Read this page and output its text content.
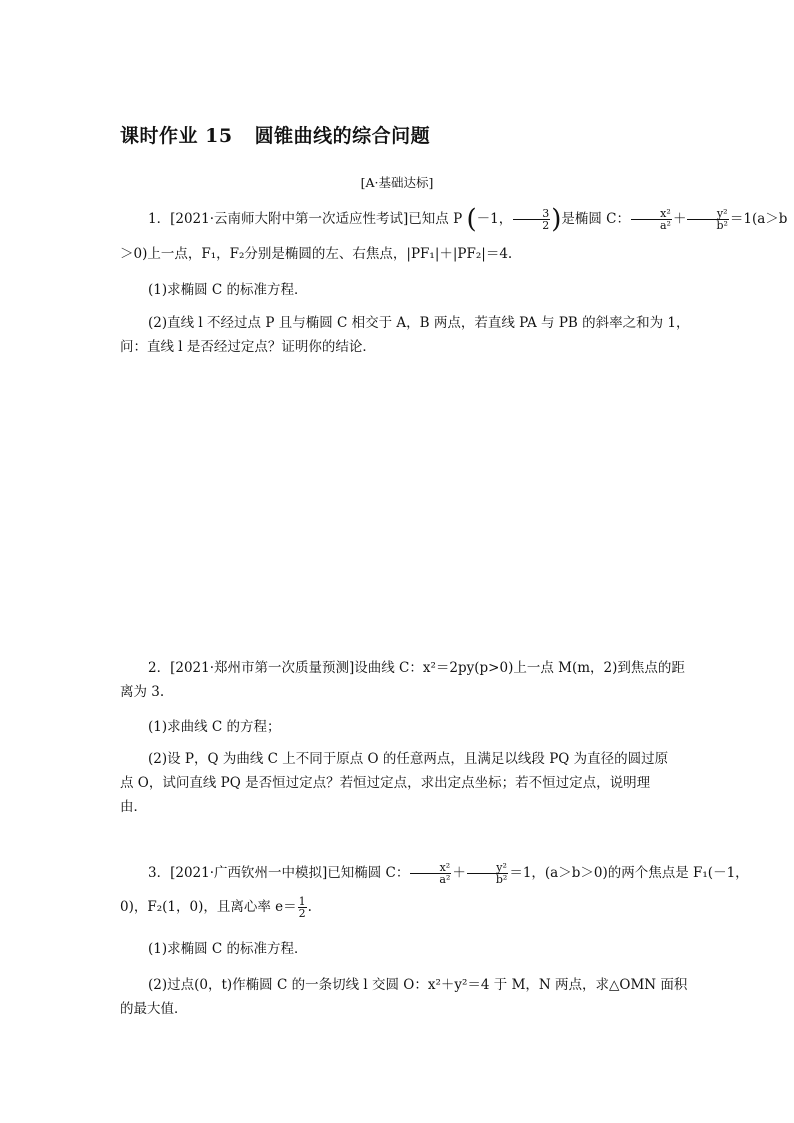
课时作业 15 圆锥曲线的综合问题
[A·基础达标]
1．[2021·云南师大附中第一次适应性考试]已知点 P (－1， $\frac{3}{2}$ )是椭圆 C： $\frac{\text{x²}}{\text{a²}} + \frac{\text{y²}}{\text{b²}} =1(a>b$
＞0)上一点，F₁，F₂分别是椭圆的左、右焦点，|PF₁|＋|PF₂|＝4.
(1)求椭圆 C 的标准方程．
(2)直线 l 不经过点 P 且与椭圆 C 相交于 A，B 两点，若直线 PA 与 PB 的斜率之和为 1，
问：直线 l 是否经过定点？证明你的结论．
2．[2021·郑州市第一次质量预测]设曲线 C：x²＝2py(p>0)上一点 M(m，2)到焦点的距
离为 3.
(1)求曲线 C 的方程；
(2)设 P，Q 为曲线 C 上不同于原点 O 的任意两点，且满足以线段 PQ 为直径的圆过原
点 O，试问直线 PQ 是否恒过定点？若恒过定点，求出定点坐标；若不恒过定点，说明理
由．
3．[2021·广西钦州一中模拟]已知椭圆 C： $\frac{\text{x²}}{\text{a²}} + \frac{\text{y²}}{\text{b²}} =1$，(a＞b＞0)的两个焦点是 F₁(－1，
0)，F₂(1，0)，且离心率 $e= \frac{1}{2}$ .
(1)求椭圆 C 的标准方程．
(2)过点(0，t)作椭圆 C 的一条切线 l 交圆 O：x²＋y²＝4 于 M，N 两点，求△OMN 面积
的最大值．
